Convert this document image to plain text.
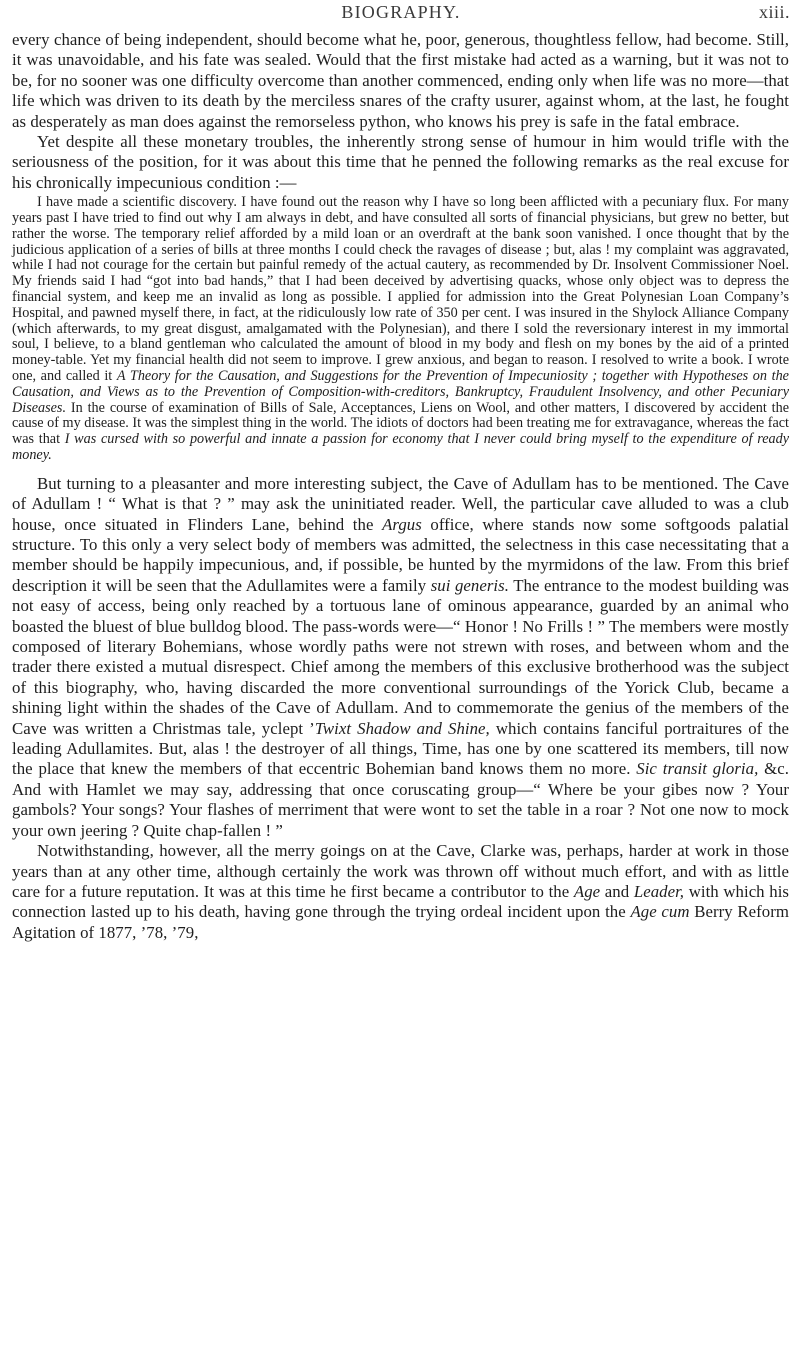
BIOGRAPHY.	xiii.

every chance of being independent, should become what he, poor, generous, thoughtless fellow, had become. Still, it was unavoidable, and his fate was sealed. Would that the first mistake had acted as a warning, but it was not to be, for no sooner was one difficulty overcome than another commenced, ending only when life was no more—that life which was driven to its death by the merciless snares of the crafty usurer, against whom, at the last, he fought as desperately as man does against the remorseless python, who knows his prey is safe in the fatal embrace.

Yet despite all these monetary troubles, the inherently strong sense of humour in him would trifle with the seriousness of the position, for it was about this time that he penned the following remarks as the real excuse for his chronically impecunious condition :—

I have made a scientific discovery. I have found out the reason why I have so long been afflicted with a pecuniary flux. For many years past I have tried to find out why I am always in debt, and have consulted all sorts of financial physicians, but grew no better, but rather the worse. The temporary relief afforded by a mild loan or an overdraft at the bank soon vanished. I once thought that by the judicious application of a series of bills at three months I could check the ravages of disease ; but, alas ! my complaint was aggravated, while I had not courage for the certain but painful remedy of the actual cautery, as recommended by Dr. Insolvent Commissioner Noel. My friends said I had “got into bad hands,” that I had been deceived by advertising quacks, whose only object was to depress the financial system, and keep me an invalid as long as possible. I applied for admission into the Great Polynesian Loan Company’s Hospital, and pawned myself there, in fact, at the ridiculously low rate of 350 per cent. I was insured in the Shylock Alliance Company (which afterwards, to my great disgust, amalgamated with the Polynesian), and there I sold the reversionary interest in my immortal soul, I believe, to a bland gentleman who calculated the amount of blood in my body and flesh on my bones by the aid of a printed money-table. Yet my financial health did not seem to improve. I grew anxious, and began to reason. I resolved to write a book. I wrote one, and called it A Theory for the Causation, and Suggestions for the Prevention of Impecuniosity ; together with Hypotheses on the Causation, and Views as to the Prevention of Composition-with-creditors, Bankruptcy, Fraudulent Insolvency, and other Pecuniary Diseases. In the course of examination of Bills of Sale, Acceptances, Liens on Wool, and other matters, I discovered by accident the cause of my disease. It was the simplest thing in the world. The idiots of doctors had been treating me for extravagance, whereas the fact was that I was cursed with so powerful and innate a passion for economy that I never could bring myself to the expenditure of ready money.

But turning to a pleasanter and more interesting subject, the Cave of Adullam has to be mentioned. The Cave of Adullam ! “ What is that ? ” may ask the uninitiated reader. Well, the particular cave alluded to was a club house, once situated in Flinders Lane, behind the Argus office, where stands now some softgoods palatial structure. To this only a very select body of members was admitted, the selectness in this case necessitating that a member should be happily impecunious, and, if possible, be hunted by the myrmidons of the law. From this brief description it will be seen that the Adullamites were a family sui generis. The entrance to the modest building was not easy of access, being only reached by a tortuous lane of ominous appearance, guarded by an animal who boasted the bluest of blue bulldog blood. The pass-words were—“ Honor ! No Frills ! ” The members were mostly composed of literary Bohemians, whose wordly paths were not strewn with roses, and between whom and the trader there existed a mutual disrespect. Chief among the members of this exclusive brotherhood was the subject of this biography, who, having discarded the more conventional surroundings of the Yorick Club, became a shining light within the shades of the Cave of Adullam. And to commemorate the genius of the members of the Cave was written a Christmas tale, yclept ’Twixt Shadow and Shine, which contains fanciful portraitures of the leading Adullamites. But, alas ! the destroyer of all things, Time, has one by one scattered its members, till now the place that knew the members of that eccentric Bohemian band knows them no more. Sic transit gloria, &c. And with Hamlet we may say, addressing that once coruscating group—“ Where be your gibes now ? Your gambols? Your songs? Your flashes of merriment that were wont to set the table in a roar ? Not one now to mock your own jeering ? Quite chap-fallen ! ”

Notwithstanding, however, all the merry goings on at the Cave, Clarke was, perhaps, harder at work in those years than at any other time, although certainly the work was thrown off without much effort, and with as little care for a future reputation. It was at this time he first became a contributor to the Age and Leader, with which his connection lasted up to his death, having gone through the trying ordeal incident upon the Age cum Berry Reform Agitation of 1877, ’78, ’79,
